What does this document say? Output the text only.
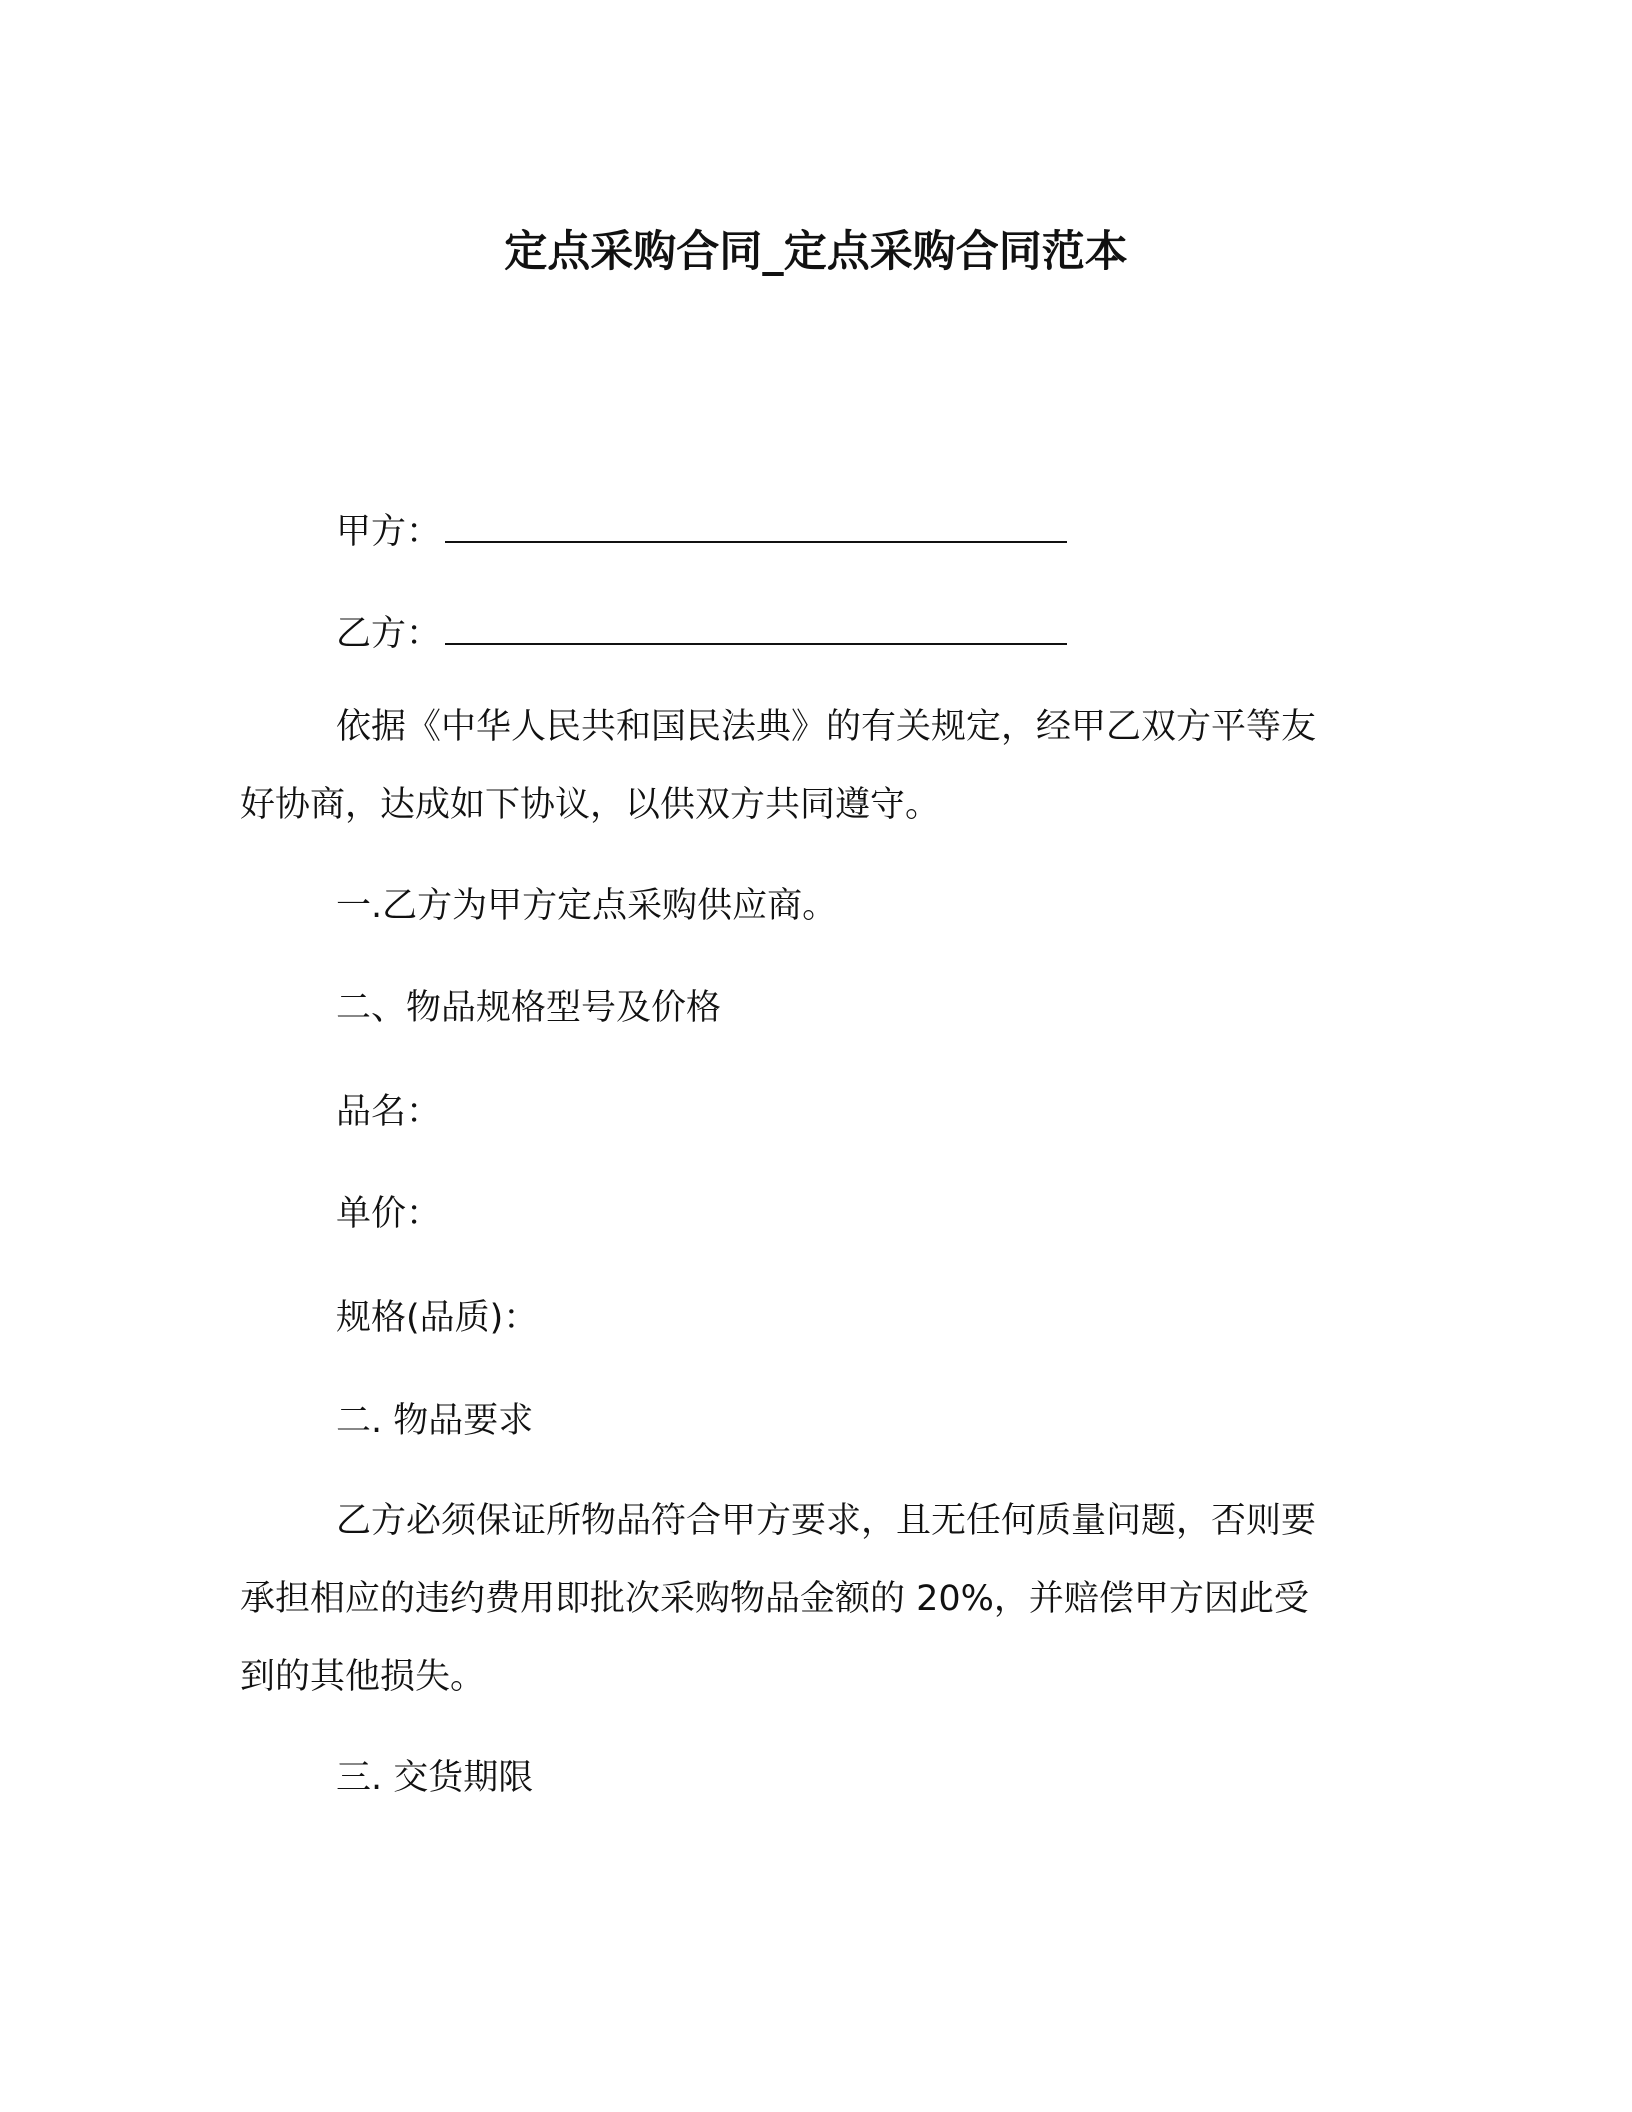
定点采购合同_定点采购合同范本
甲方：
乙方：
依据《中华人民共和国民法典》的有关规定，经甲乙双方平等友
好协商，达成如下协议，以供双方共同遵守。
一.乙方为甲方定点采购供应商。
二、物品规格型号及价格
品名：
单价：
规格(品质)：
二. 物品要求
乙方必须保证所物品符合甲方要求，且无任何质量问题，否则要
承担相应的违约费用即批次采购物品金额的 20%，并赔偿甲方因此受
到的其他损失。
三. 交货期限
